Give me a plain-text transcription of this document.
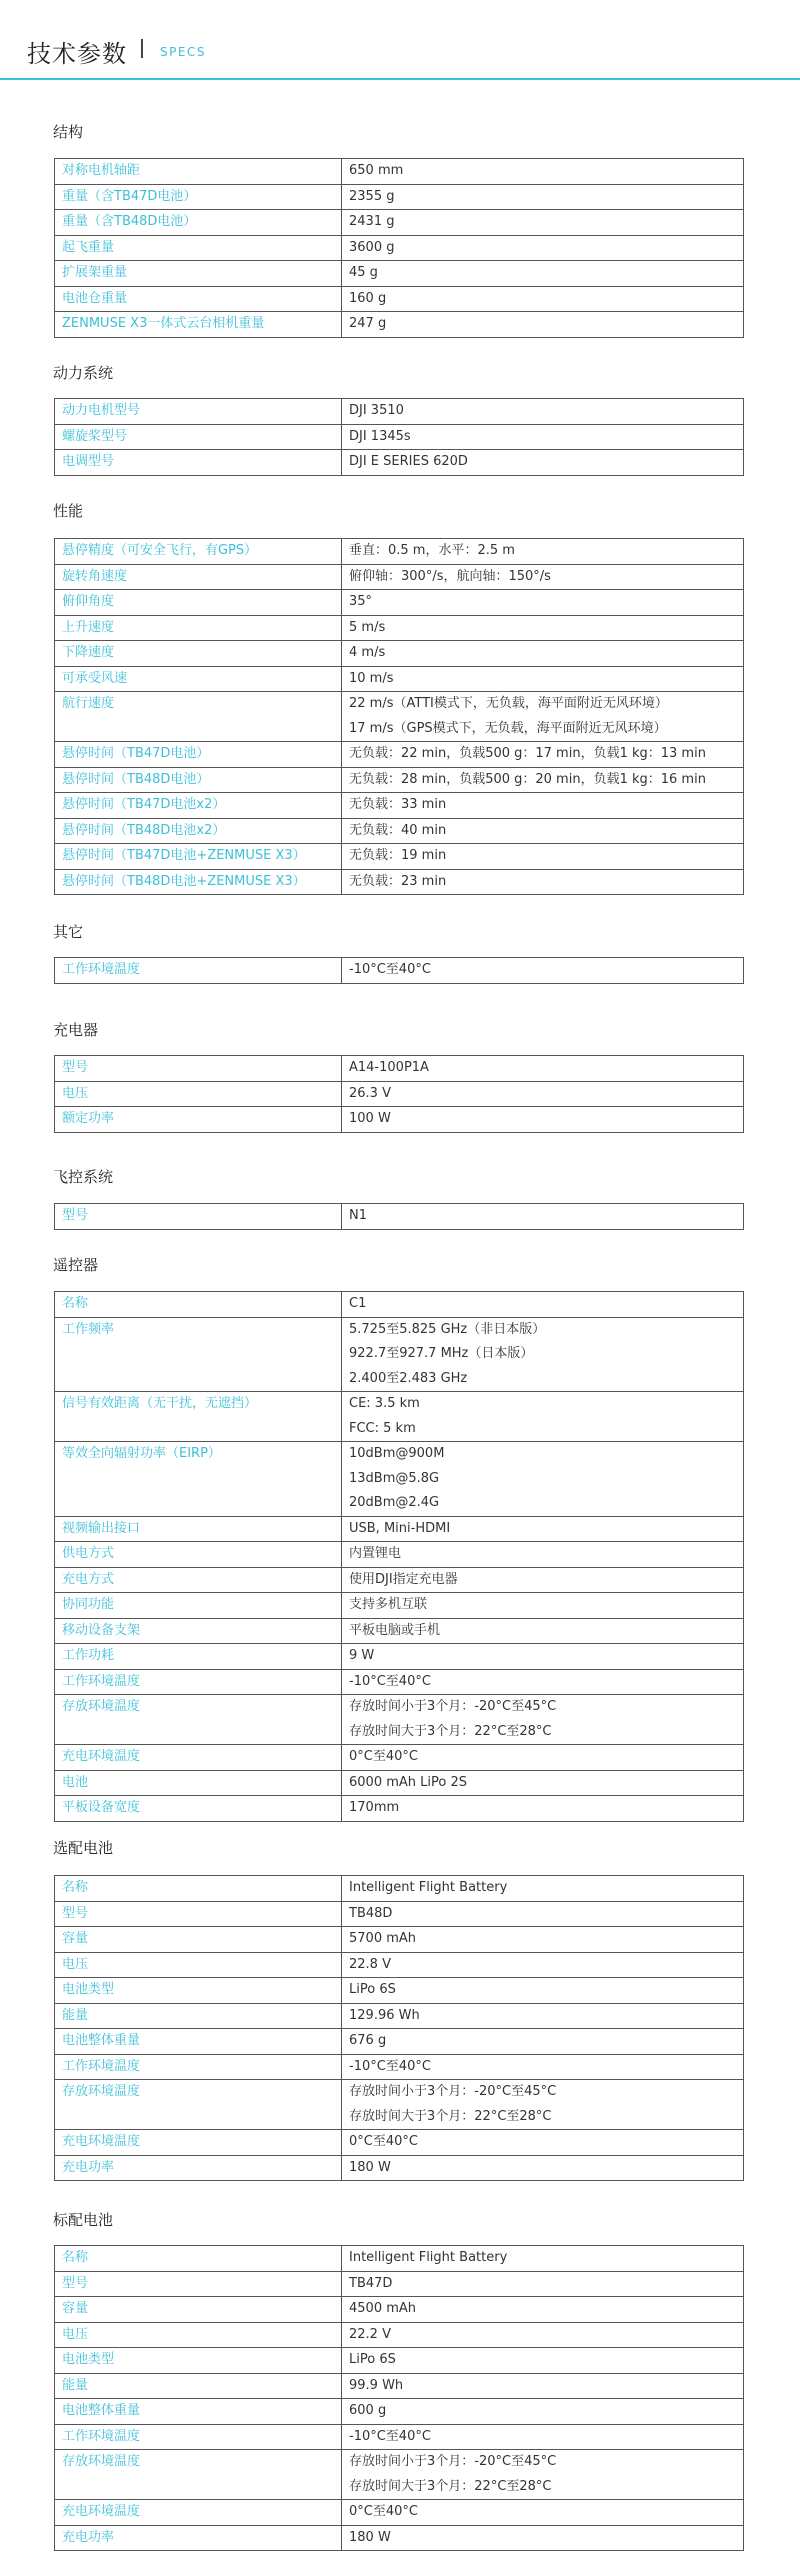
技术参数	SPECS
结构
对称电机轴距	650 mm

重量（含TB47D电池）	2355 g

重量（含TB48D电池）	2431 g

起飞重量	3600 g

扩展架重量	45 g

电池仓重量	160 g

ZENMUSE X3一体式云台相机重量	247 g
动力系统
动力电机型号	DJI 3510

螺旋桨型号	DJI 1345s

电调型号	DJI E SERIES 620D
性能
悬停精度（可安全飞行，有GPS）	垂直：0.5 m，水平：2.5 m

旋转角速度	俯仰轴：300°/s，航向轴：150°/s

俯仰角度	35°

上升速度	5 m/s

下降速度	4 m/s

可承受风速	10 m/s

航行速度	22 m/s（ATTI模式下，无负载，海平面附近无风环境）
17 m/s（GPS模式下，无负载，海平面附近无风环境）

悬停时间（TB47D电池）	无负载：22 min，负载500 g：17 min，负载1 kg：13 min

悬停时间（TB48D电池）	无负载：28 min，负载500 g：20 min，负载1 kg：16 min

悬停时间（TB47D电池x2）	无负载：33 min

悬停时间（TB48D电池x2）	无负载：40 min

悬停时间（TB47D电池+ZENMUSE X3）	无负载：19 min

悬停时间（TB48D电池+ZENMUSE X3）	无负载：23 min
其它
工作环境温度	-10°C至40°C
充电器
型号	A14-100P1A

电压	26.3 V

额定功率	100 W
飞控系统
型号	N1
遥控器
名称	C1

工作频率	5.725至5.825 GHz（非日本版）
922.7至927.7 MHz（日本版）
2.400至2.483 GHz

信号有效距离（无干扰，无遮挡）	CE: 3.5 km
FCC: 5 km

等效全向辐射功率（EIRP）	10dBm@900M
13dBm@5.8G
20dBm@2.4G

视频输出接口	USB, Mini-HDMI

供电方式	内置锂电

充电方式	使用DJI指定充电器

协同功能	支持多机互联

移动设备支架	平板电脑或手机

工作功耗	9 W

工作环境温度	-10°C至40°C

存放环境温度	存放时间小于3个月：-20°C至45°C
存放时间大于3个月：22°C至28°C

充电环境温度	0°C至40°C

电池	6000 mAh LiPo 2S

平板设备宽度	170mm
选配电池
名称	Intelligent Flight Battery

型号	TB48D

容量	5700 mAh

电压	22.8 V

电池类型	LiPo 6S

能量	129.96 Wh

电池整体重量	676 g

工作环境温度	-10°C至40°C

存放环境温度	存放时间小于3个月：-20°C至45°C
存放时间大于3个月：22°C至28°C

充电环境温度	0°C至40°C

充电功率	180 W
标配电池
名称	Intelligent Flight Battery

型号	TB47D

容量	4500 mAh

电压	22.2 V

电池类型	LiPo 6S

能量	99.9 Wh

电池整体重量	600 g

工作环境温度	-10°C至40°C

存放环境温度	存放时间小于3个月：-20°C至45°C
存放时间大于3个月：22°C至28°C

充电环境温度	0°C至40°C

充电功率	180 W
